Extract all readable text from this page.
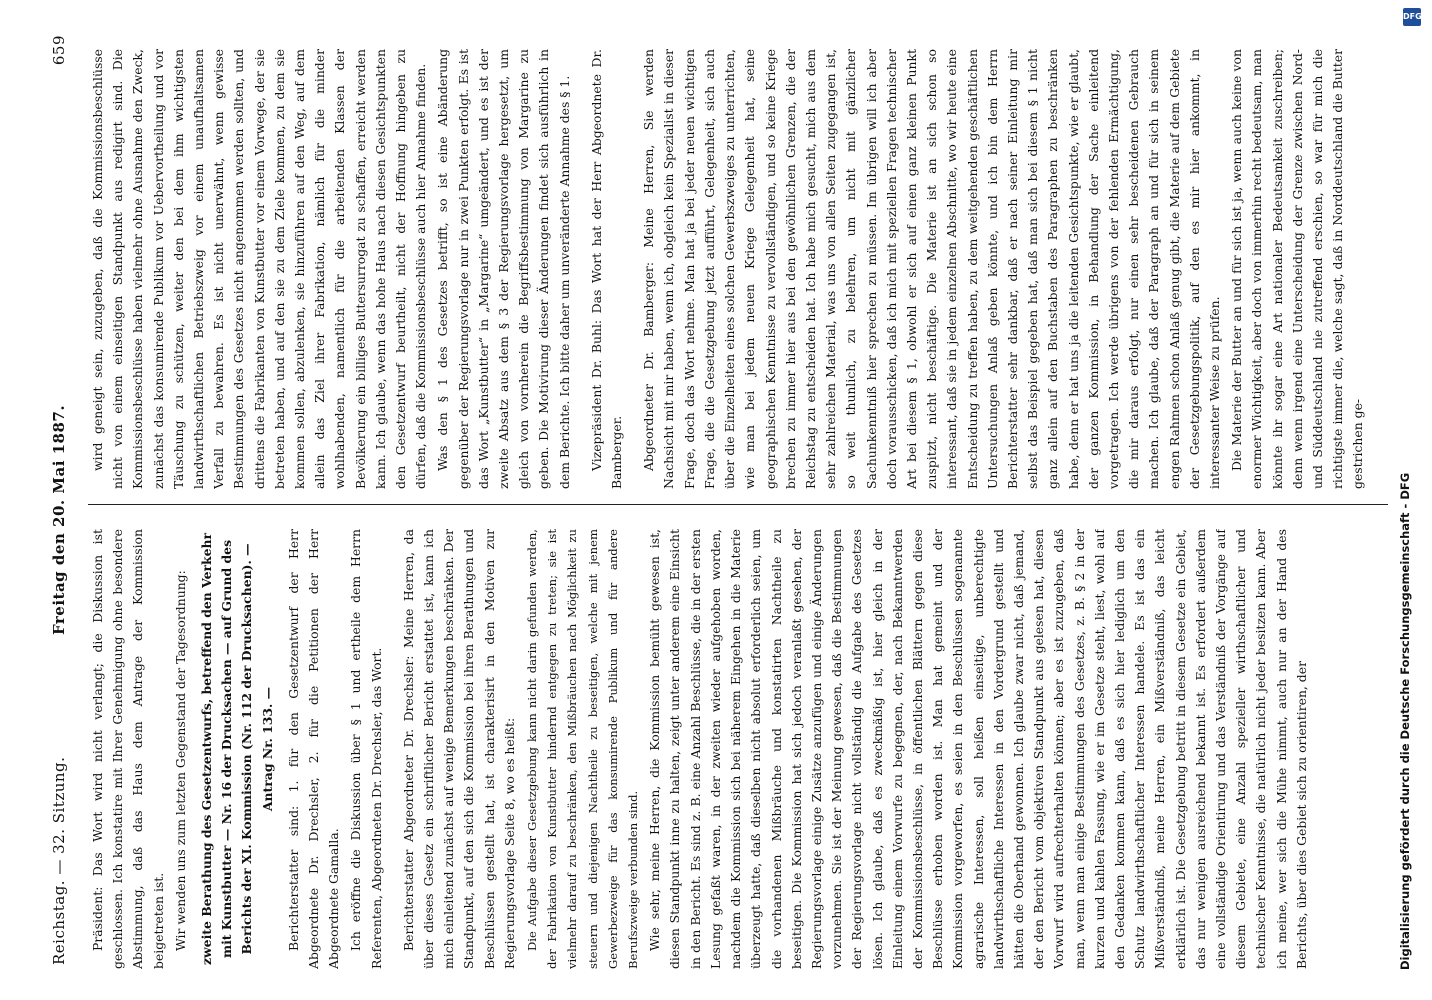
Reichstag. — 32. Sitzung.
Freitag den 20. Mai 1887.
659

Präsident: Das Wort wird nicht verlangt; die Diskussion ist geschlossen. Ich konstatire mit Ihrer Genehmigung ohne besondere Abstimmung, daß das Haus dem Antrage der Kommission beigetreten ist. Wir wenden uns zum letzten Gegenstand der Tagesordnung: zweite Berathung des Gesetzentwurfs, betreffend den Verkehr mit Kunstbutter — Nr. 16 der Drucksachen — auf Grund des Berichts der XI. Kommission (Nr. 112 der Drucksachen). — Antrag Nr. 133. — Berichterstatter sind: 1. für den Gesetzentwurf der Herr Abgeordnete Dr. Drechsler, 2. für die Petitionen der Herr Abgeordnete Gamalla. Ich eröffne die Diskussion über § 1 und ertheile dem Herrn Referenten, Abgeordneten Dr. Drechsler, das Wort. Berichterstatter Abgeordneter Dr. Drechsler: Meine Herren, da über dieses Gesetz ein schriftlicher Bericht erstattet ist, kann ich mich einleitend zunächst auf wenige Bemerkungen beschränken. Der Standpunkt, auf den sich die Kommission bei ihren Berathungen und Beschlüssen gestellt hat, ist charakterisirt in den Motiven zur Regierungsvorlage Seite 8, wo es heißt: Die Aufgabe dieser Gesetzgebung kann nicht darin gefunden werden, der Fabrikation von Kunstbutter hindernd entgegen zu treten; sie ist vielmehr darauf zu beschränken, den Mißbräuchen nach Möglichkeit zu steuern und diejenigen Nachtheile zu beseitigen, welche mit jenem Gewerbezweige für das konsumirende Publikum und für andere Berufszweige verbunden sind. Wie sehr, meine Herren, die Kommission bemüht gewesen ist, diesen Standpunkt inne zu halten, zeigt unter anderem eine Einsicht in den Bericht. Es sind z. B. eine Anzahl Beschlüsse, die in der ersten Lesung gefaßt waren, in der zweiten wieder aufgehoben worden, nachdem die Kommission sich bei näherem Eingehen in die Materie überzeugt hatte, daß dieselben nicht absolut erforderlich seien, um die vorhandenen Mißbräuche und konstatirten Nachtheile zu beseitigen. Die Kommission hat sich jedoch veranlaßt gesehen, der Regierungsvorlage einige Zusätze anzufügen und einige Änderungen vorzunehmen. Sie ist der Meinung gewesen, daß die Bestimmungen der Regierungsvorlage nicht vollständig die Aufgabe des Gesetzes lösen. Ich glaube, daß es zweckmäßig ist, hier gleich in der Einleitung einem Vorwurfe zu begegnen, der, nach Bekanntwerden der Kommissionsbeschlüsse, in öffentlichen Blättern gegen diese Beschlüsse erhoben worden ist. Man hat gemeint und der Kommission vorgeworfen, es seien in den Beschlüssen sogenannte agrarische Interessen, soll heißen einseitige, unberechtigte landwirthschaftliche Interessen in den Vordergrund gestellt und hätten die Oberhand gewonnen. Ich glaube zwar nicht, daß jemand, der den Bericht vom objektiven Standpunkt aus gelesen hat, diesen Vorwurf wird aufrechterhalten können; aber es ist zuzugeben, daß man, wenn man einige Bestimmungen des Gesetzes, z. B. § 2 in der kurzen und kahlen Fassung, wie er im Gesetze steht, liest, wohl auf den Gedanken kommen kann, daß es sich hier lediglich um den Schutz landwirthschaftlicher Interessen handele. Es ist das ein Mißverständniß, meine Herren, ein Mißverständniß, das leicht erklärlich ist. Die Gesetzgebung betritt in diesem Gesetze ein Gebiet, das nur wenigen ausreichend bekannt ist. Es erfordert außerdem eine vollständige Orientirung und das Verständniß der Vorgänge auf diesem Gebiete, eine Anzahl spezieller wirthschaftlicher und technischer Kenntnisse, die natürlich nicht jeder besitzen kann. Aber ich meine, wer sich die Mühe nimmt, auch nur an der Hand des Berichts, über dies Gebiet sich zu orientiren, der

wird geneigt sein, zuzugeben, daß die Kommissionsbeschlüsse nicht von einem einseitigen Standpunkt aus redigirt sind. Die Kommissionsbeschlüsse haben vielmehr ohne Ausnahme den Zweck, zunächst das konsumirende Publikum vor Uebervortheilung und vor Täuschung zu schützen, weiter den bei dem ihm wichtigsten landwirthschaftlichen Betriebszweig vor einem unaufhaltsamen Verfall zu bewahren. Es ist nicht unerwähnt, wenn gewisse Bestimmungen des Gesetzes nicht angenommen werden sollten, und drittens die Fabrikanten von Kunstbutter vor einem Vorwege, der sie betreten haben, und auf den sie zu dem Ziele kommen, zu dem sie kommen sollen, abzulenken, sie hinzuführen auf den Weg, auf dem allein das Ziel ihrer Fabrikation, nämlich für die minder wohlhabenden, namentlich für die arbeitenden Klassen der Bevölkerung ein billiges Buttersurrogat zu schaffen, erreicht werden kann. Ich glaube, wenn das hohe Haus nach diesen Gesichtspunkten den Gesetzentwurf beurtheilt, nicht der Hoffnung hingeben zu dürfen, daß die Kommissionsbeschlüsse auch hier Annahme finden. Was den § 1 des Gesetzes betrifft, so ist eine Abänderung gegenüber der Regierungsvorlage nur in zwei Punkten erfolgt. Es ist das Wort „Kunstbutter“ in „Margarine“ umgeändert, und es ist der zweite Absatz aus dem § 3 der Regierungsvorlage hergesetzt, um gleich von vornherein die Begriffsbestimmung von Margarine zu geben. Die Motivirung dieser Änderungen findet sich ausführlich in dem Berichte. Ich bitte daher um unveränderte Annahme des § 1. Vizepräsident Dr. Buhl: Das Wort hat der Herr Abgeordnete Dr. Bamberger. Abgeordneter Dr. Bamberger: Meine Herren, Sie werden Nachsicht mit mir haben, wenn ich, obgleich kein Spezialist in dieser Frage, doch das Wort nehme. Man hat ja bei jeder neuen wichtigen Frage, die die Gesetzgebung jetzt aufführt, Gelegenheit, sich auch über die Einzelheiten eines solchen Gewerbszweiges zu unterrichten, wie man bei jedem neuen Kriege Gelegenheit hat, seine geographischen Kenntnisse zu vervollständigen, und so keine Kriege brechen zu immer hier aus bei den gewöhnlichen Grenzen, die der Reichstag zu entscheiden hat. Ich habe mich gesucht, mich aus dem sehr zahlreichen Material, was uns von allen Seiten zugegangen ist, so weit thunlich, zu belehren, um nicht mit gänzlicher Sachunkenntniß hier sprechen zu müssen. Im übrigen will ich aber doch vorausschicken, daß ich mich mit speziellen Fragen technischer Art bei diesem § 1, obwohl er sich auf einen ganz kleinen Punkt zuspitzt, nicht beschäftige. Die Materie ist an sich schon so interessant, daß sie in jedem einzelnen Abschnitte, wo wir heute eine Entscheidung zu treffen haben, zu dem weitgehenden geschäftlichen Untersuchungen Anlaß geben könnte, und ich bin dem Herrn Berichterstatter sehr dankbar, daß er nach seiner Einleitung mir selbst das Beispiel gegeben hat, daß man sich bei diesem § 1 nicht ganz allein auf den Buchstaben des Paragraphen zu beschränken habe, denn er hat uns ja die leitenden Gesichtspunkte, wie er glaubt, der ganzen Kommission, in Behandlung der Sache einleitend vorgetragen. Ich werde übrigens von der fehlenden Ermächtigung, die mir daraus erfolgt, nur einen sehr bescheidenen Gebrauch machen. Ich glaube, daß der Paragraph an und für sich in seinem engen Rahmen schon Anlaß genug gibt, die Materie auf dem Gebiete der Gesetzgebungspolitik, auf den es mir hier ankommt, in interessanter Weise zu prüfen. Die Materie der Butter an und für sich ist ja, wenn auch keine von enormer Wichtigkeit, aber doch von immerhin recht bedeutsam, man könnte ihr sogar eine Art nationaler Bedeutsamkeit zuschreiben; denn wenn irgend eine Unterscheidung der Grenze zwischen Nord- und Süddeutschland nie zutreffend erschien, so war für mich die richtigste immer die, welche sagt, daß in Norddeutschland die Butter gestrichen ge-

DFG
Digitalisierung gefördert durch die Deutsche Forschungsgemeinschaft - DFG
